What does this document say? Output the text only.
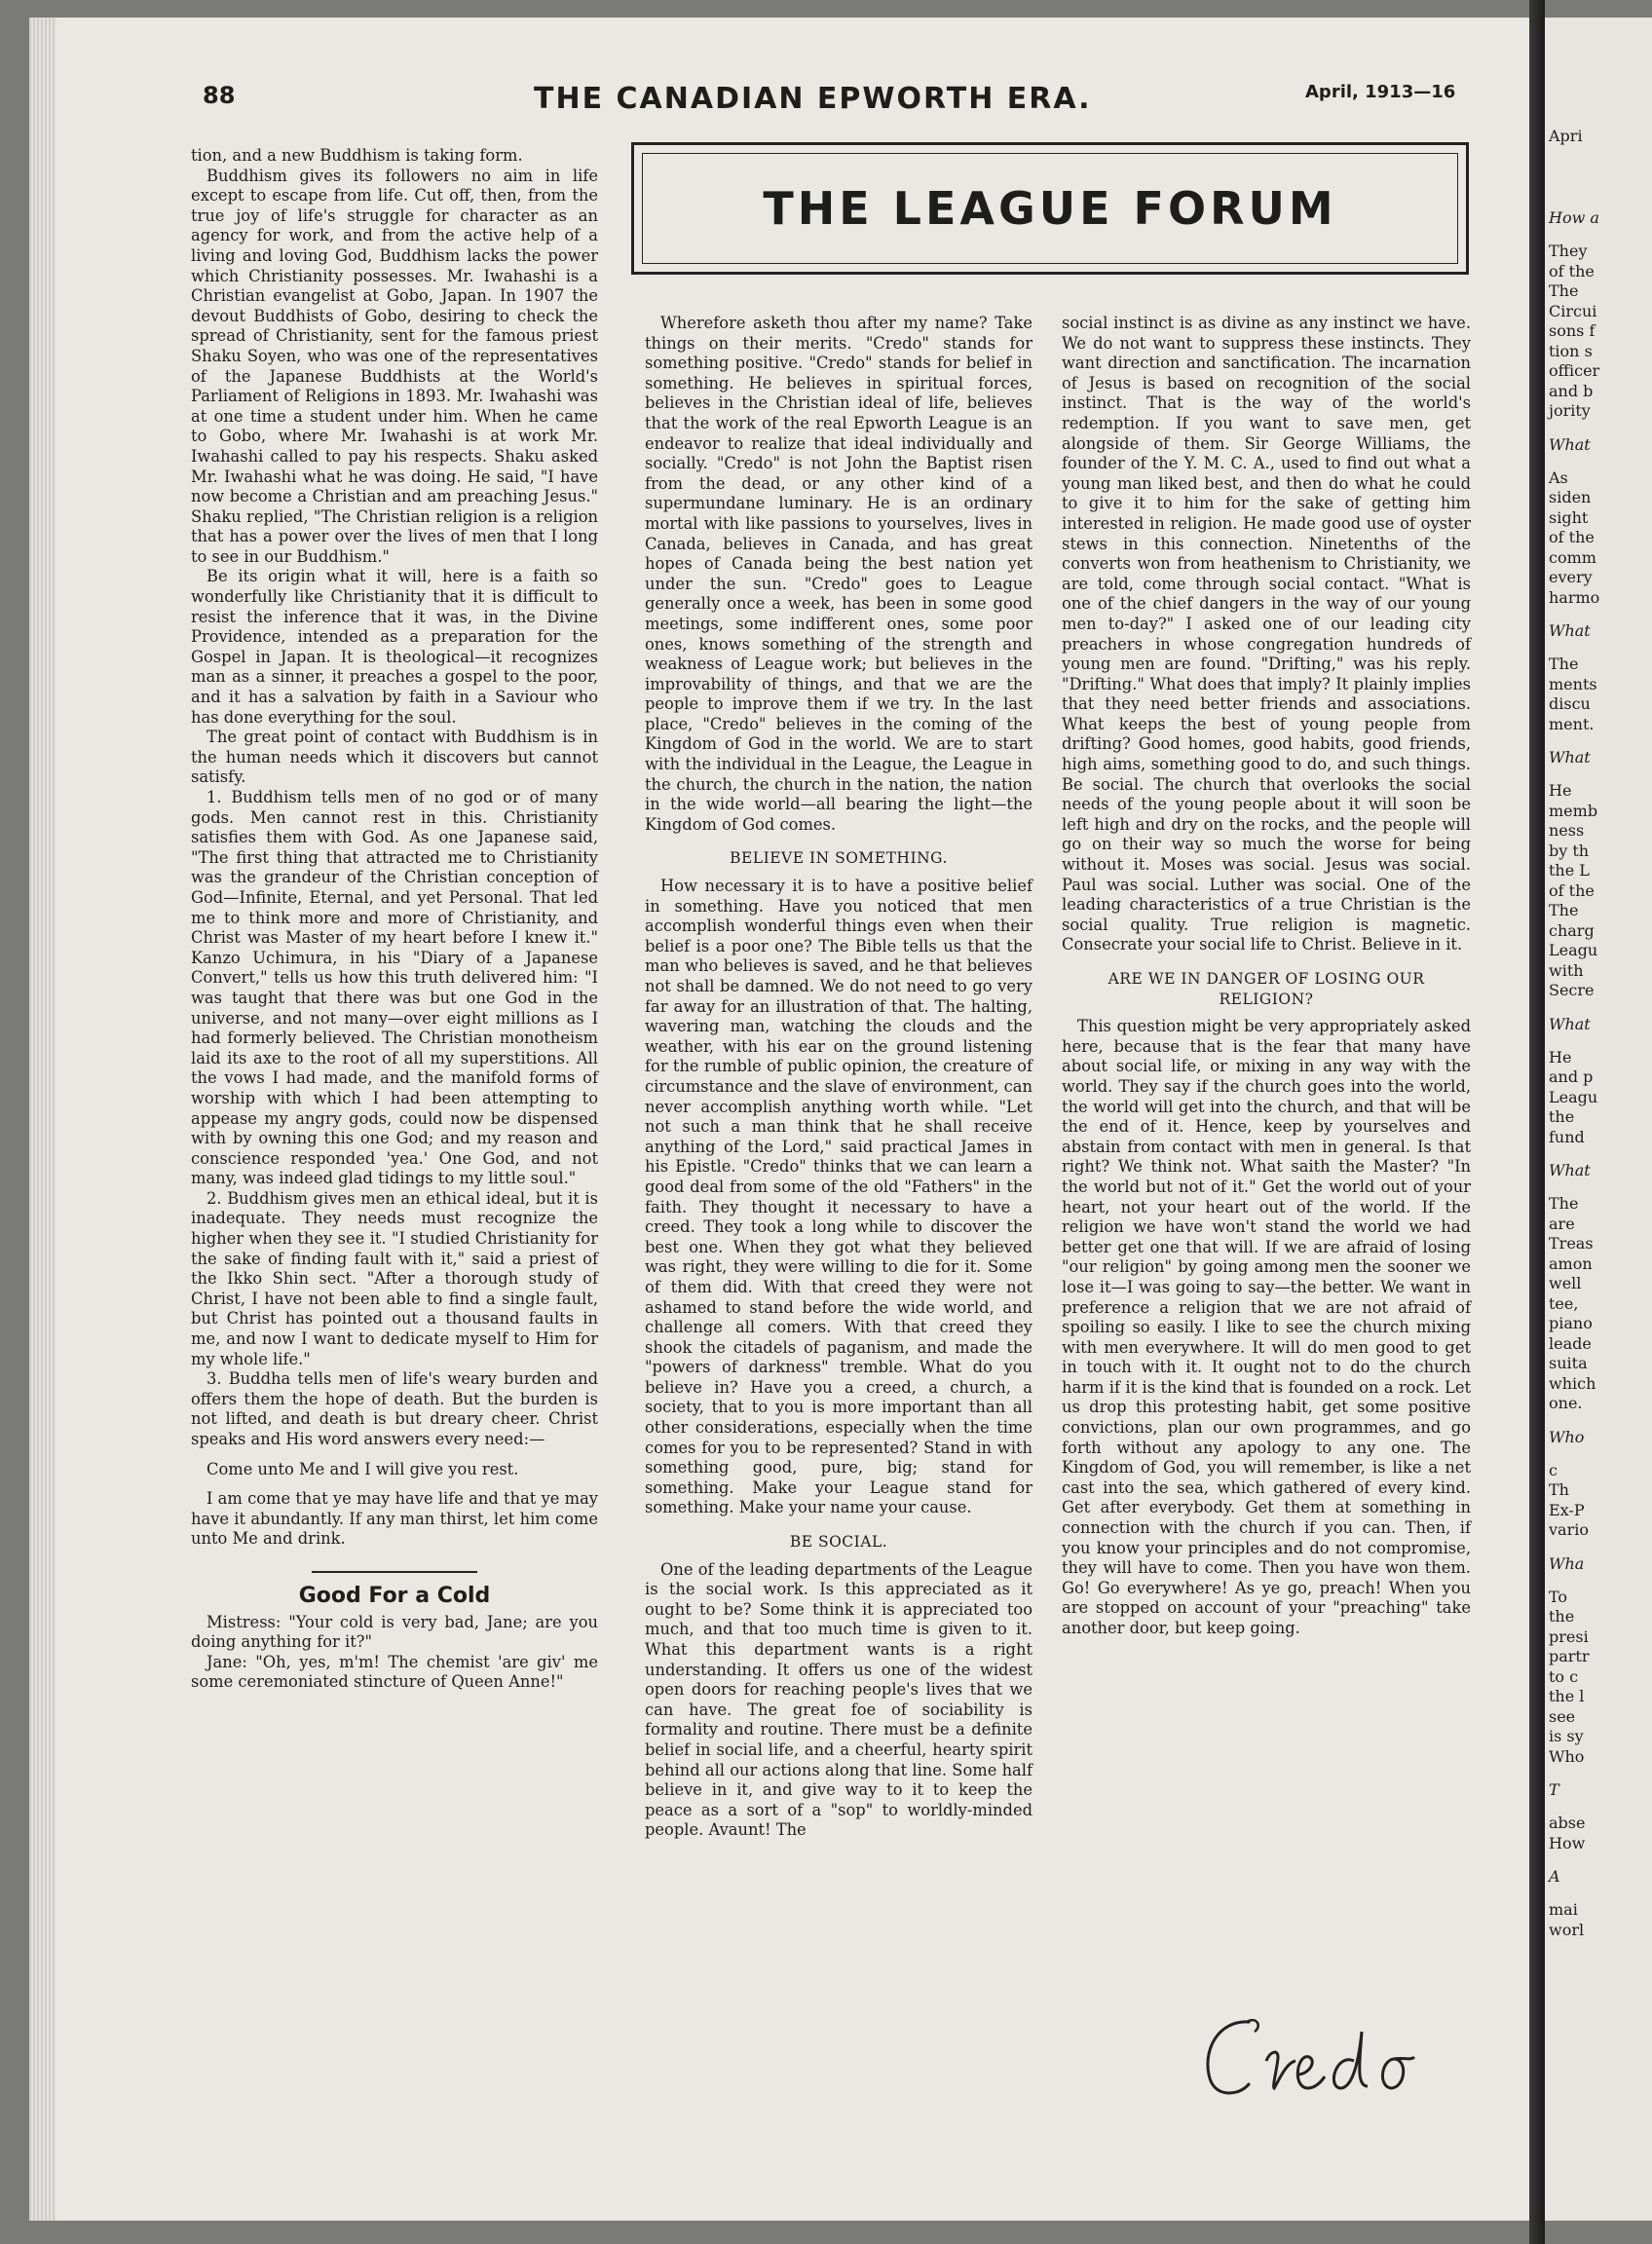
88	THE CANADIAN EPWORTH ERA.	April, 1913—16
THE LEAGUE FORUM

tion, and a new Buddhism is taking form.

Buddhism gives its followers no aim in life except to escape from life. Cut off, then, from the true joy of life's struggle for character as an agency for work, and from the active help of a living and loving God, Buddhism lacks the power which Christianity possesses. Mr. Iwahashi is a Christian evangelist at Gobo, Japan. In 1907 the devout Buddhists of Gobo, desiring to check the spread of Christianity, sent for the famous priest Shaku Soyen, who was one of the representatives of the Japanese Buddhists at the World's Parliament of Religions in 1893. Mr. Iwahashi was at one time a student under him. When he came to Gobo, where Mr. Iwahashi is at work Mr. Iwahashi called to pay his respects. Shaku asked Mr. Iwahashi what he was doing. He said, "I have now become a Christian and am preaching Jesus." Shaku replied, "The Christian religion is a religion that has a power over the lives of men that I long to see in our Buddhism."

Be its origin what it will, here is a faith so wonderfully like Christianity that it is difficult to resist the inference that it was, in the Divine Providence, intended as a preparation for the Gospel in Japan. It is theological—it recognizes man as a sinner, it preaches a gospel to the poor, and it has a salvation by faith in a Saviour who has done everything for the soul.

The great point of contact with Buddhism is in the human needs which it discovers but cannot satisfy.

1. Buddhism tells men of no god or of many gods. Men cannot rest in this. Christianity satisfies them with God. As one Japanese said, "The first thing that attracted me to Christianity was the grandeur of the Christian conception of God—Infinite, Eternal, and yet Personal. That led me to think more and more of Christianity, and Christ was Master of my heart before I knew it." Kanzo Uchimura, in his "Diary of a Japanese Convert," tells us how this truth delivered him: "I was taught that there was but one God in the universe, and not many—over eight millions as I had formerly believed. The Christian monotheism laid its axe to the root of all my superstitions. All the vows I had made, and the manifold forms of worship with which I had been attempting to appease my angry gods, could now be dispensed with by owning this one God; and my reason and conscience responded 'yea.' One God, and not many, was indeed glad tidings to my little soul."

2. Buddhism gives men an ethical ideal, but it is inadequate. They needs must recognize the higher when they see it. "I studied Christianity for the sake of finding fault with it," said a priest of the Ikko Shin sect. "After a thorough study of Christ, I have not been able to find a single fault, but Christ has pointed out a thousand faults in me, and now I want to dedicate myself to Him for my whole life."

3. Buddha tells men of life's weary burden and offers them the hope of death. But the burden is not lifted, and death is but dreary cheer. Christ speaks and His word answers every need:—

Come unto Me and I will give you rest.

I am come that ye may have life and that ye may have it abundantly. If any man thirst, let him come unto Me and drink.

Good For a Cold

Mistress: "Your cold is very bad, Jane; are you doing anything for it?"

Jane: "Oh, yes, m'm! The chemist 'are giv' me some ceremoniated stincture of Queen Anne!"

Wherefore asketh thou after my name? Take things on their merits. "Credo" stands for something positive. "Credo" stands for belief in something. He believes in spiritual forces, believes in the Christian ideal of life, believes that the work of the real Epworth League is an endeavor to realize that ideal individually and socially. "Credo" is not John the Baptist risen from the dead, or any other kind of a supermundane luminary. He is an ordinary mortal with like passions to yourselves, lives in Canada, believes in Canada, and has great hopes of Canada being the best nation yet under the sun. "Credo" goes to League generally once a week, has been in some good meetings, some indifferent ones, some poor ones, knows something of the strength and weakness of League work; but believes in the improvability of things, and that we are the people to improve them if we try. In the last place, "Credo" believes in the coming of the Kingdom of God in the world. We are to start with the individual in the League, the League in the church, the church in the nation, the nation in the wide world—all bearing the light—the Kingdom of God comes.

BELIEVE IN SOMETHING.

How necessary it is to have a positive belief in something. Have you noticed that men accomplish wonderful things even when their belief is a poor one? The Bible tells us that the man who believes is saved, and he that believes not shall be damned. We do not need to go very far away for an illustration of that. The halting, wavering man, watching the clouds and the weather, with his ear on the ground listening for the rumble of public opinion, the creature of circumstance and the slave of environment, can never accomplish anything worth while. "Let not such a man think that he shall receive anything of the Lord," said practical James in his Epistle. "Credo" thinks that we can learn a good deal from some of the old "Fathers" in the faith. They thought it necessary to have a creed. They took a long while to discover the best one. When they got what they believed was right, they were willing to die for it. Some of them did. With that creed they were not ashamed to stand before the wide world, and challenge all comers. With that creed they shook the citadels of paganism, and made the "powers of darkness" tremble. What do you believe in? Have you a creed, a church, a society, that to you is more important than all other considerations, especially when the time comes for you to be represented? Stand in with something good, pure, big; stand for something. Make your League stand for something. Make your name your cause.

BE SOCIAL.

One of the leading departments of the League is the social work. Is this appreciated as it ought to be? Some think it is appreciated too much, and that too much time is given to it. What this department wants is a right understanding. It offers us one of the widest open doors for reaching people's lives that we can have. The great foe of sociability is formality and routine. There must be a definite belief in social life, and a cheerful, hearty spirit behind all our actions along that line. Some half believe in it, and give way to it to keep the peace as a sort of a "sop" to worldly-minded people. Avaunt! The

social instinct is as divine as any instinct we have. We do not want to suppress these instincts. They want direction and sanctification. The incarnation of Jesus is based on recognition of the social instinct. That is the way of the world's redemption. If you want to save men, get alongside of them. Sir George Williams, the founder of the Y. M. C. A., used to find out what a young man liked best, and then do what he could to give it to him for the sake of getting him interested in religion. He made good use of oyster stews in this connection. Ninetenths of the converts won from heathenism to Christianity, we are told, come through social contact. "What is one of the chief dangers in the way of our young men to-day?" I asked one of our leading city preachers in whose congregation hundreds of young men are found. "Drifting," was his reply. "Drifting." What does that imply? It plainly implies that they need better friends and associations. What keeps the best of young people from drifting? Good homes, good habits, good friends, high aims, something good to do, and such things. Be social. The church that overlooks the social needs of the young people about it will soon be left high and dry on the rocks, and the people will go on their way so much the worse for being without it. Moses was social. Jesus was social. Paul was social. Luther was social. One of the leading characteristics of a true Christian is the social quality. True religion is magnetic. Consecrate your social life to Christ. Believe in it.

ARE WE IN DANGER OF LOSING OUR RELIGION?

This question might be very appropriately asked here, because that is the fear that many have about social life, or mixing in any way with the world. They say if the church goes into the world, the world will get into the church, and that will be the end of it. Hence, keep by yourselves and abstain from contact with men in general. Is that right? We think not. What saith the Master? "In the world but not of it." Get the world out of your heart, not your heart out of the world. If the religion we have won't stand the world we had better get one that will. If we are afraid of losing "our religion" by going among men the sooner we lose it—I was going to say—the better. We want in preference a religion that we are not afraid of spoiling so easily. I like to see the church mixing with men everywhere. It will do men good to get in touch with it. It ought not to do the church harm if it is the kind that is founded on a rock. Let us drop this protesting habit, get some positive convictions, plan our own programmes, and go forth without any apology to any one. The Kingdom of God, you will remember, is like a net cast into the sea, which gathered of every kind. Get after everybody. Get them at something in connection with the church if you can. Then, if you know your principles and do not compromise, they will have to come. Then you have won them. Go! Go everywhere! As ye go, preach! When you are stopped on account of your "preaching" take another door, but keep going.

Apri
How a
They
of the
The
Circui
sons f
tion s
officer
and b
jority
What
As
siden
sight
of the
comm
every
harmo
What
The
ments
discu
ment.
What
He
memb
ness
by th
the L
of the
The
charg
Leagu
with
Secre
What
He
and p
Leagu
the
fund
What
The
are
Treas
amon
well
tee,
piano
leade
suita
which
one.
Who
c
Th
Ex-P
vario
Wha
To
the
presi
partr
to c
the l
see
is sy
Who
T
abse
How
A
mai
worl
